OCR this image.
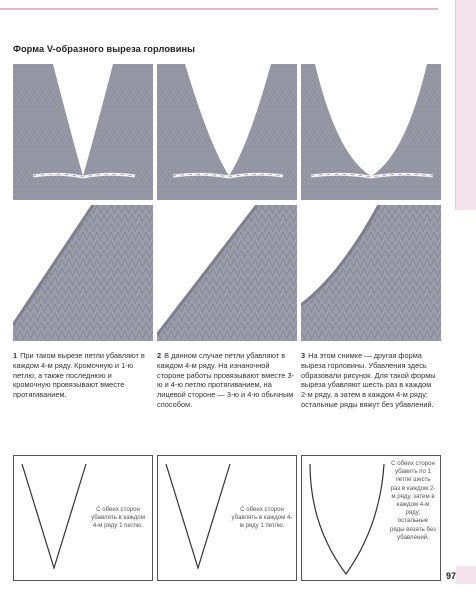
Форма V-образного выреза горловины
1 При таком вырезе петли убавляют в каждом 4-м ряду. Кромочную и 1-ю петлю, а также последнюю и кромочную провязывают вместе протягиванием.
2 В данном случае петли убавляют в каждом 4-м ряду. На изнаночной стороне работы провязывают вместе 3-ю и 4-ю петлю протягиванием, на лицевой стороне — 3-ю и 4-ю обычным способом.
3 На этом снимке — другая форма выреза горловины. Убавления здесь образовали рисунок. Для такой формы выреза убавляют шесть раз в каждом 2-м ряду, а затем в каждом 4-м ряду; остальные ряды вяжут без убавлений.
С обеих сторон убавлять в каждом 4-м ряду 1 петлю.
С обеих сторон убавлять в каждом 4-м ряду 1 петлю.
С обеих сторон убавить по 1 петле шесть раз в каждом 2-м ряду, затем в каждом 4-м ряду; остальные ряды вязать без убавлений.
97
